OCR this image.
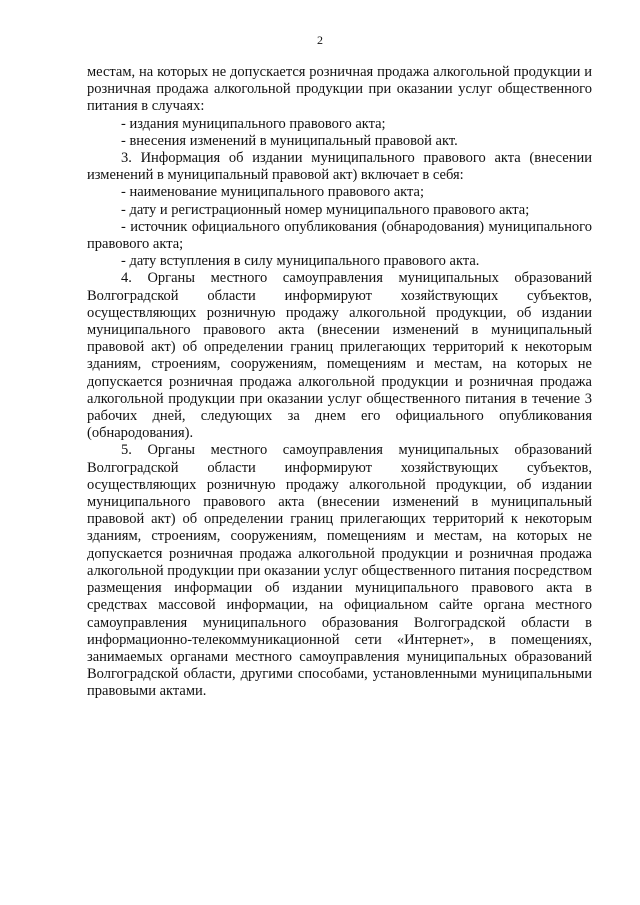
2

местам, на которых не допускается розничная продажа алкогольной продукции и розничная продажа алкогольной продукции при оказании услуг общественного питания в случаях:

- издания муниципального правового акта;

- внесения изменений в муниципальный правовой акт.

3. Информация об издании муниципального правового акта (внесении изменений в муниципальный правовой акт) включает в себя:

- наименование муниципального правового акта;

- дату и регистрационный номер муниципального правового акта;

- источник официального опубликования (обнародования) муниципального правового акта;

- дату вступления в силу муниципального правового акта.

4. Органы местного самоуправления муниципальных образований Волгоградской области информируют хозяйствующих субъектов, осуществляющих розничную продажу алкогольной продукции, об издании муниципального правового акта (внесении изменений в муниципальный правовой акт) об определении границ прилегающих территорий к некоторым зданиям, строениям, сооружениям, помещениям и местам, на которых не допускается розничная продажа алкогольной продукции и розничная продажа алкогольной продукции при оказании услуг общественного питания в течение 3 рабочих дней, следующих за днем его официального опубликования (обнародования).

5. Органы местного самоуправления муниципальных образований Волгоградской области информируют хозяйствующих субъектов, осуществляющих розничную продажу алкогольной продукции, об издании муниципального правового акта (внесении изменений в муниципальный правовой акт) об определении границ прилегающих территорий к некоторым зданиям, строениям, сооружениям, помещениям и местам, на которых не допускается розничная продажа алкогольной продукции и розничная продажа алкогольной продукции при оказании услуг общественного питания посредством размещения информации об издании муниципального правового акта в средствах массовой информации, на официальном сайте органа местного самоуправления муниципального образования Волгоградской области в информационно-телекоммуникационной сети «Интернет», в помещениях, занимаемых органами местного самоуправления муниципальных образований Волгоградской области, другими способами, установленными муниципальными правовыми актами.
